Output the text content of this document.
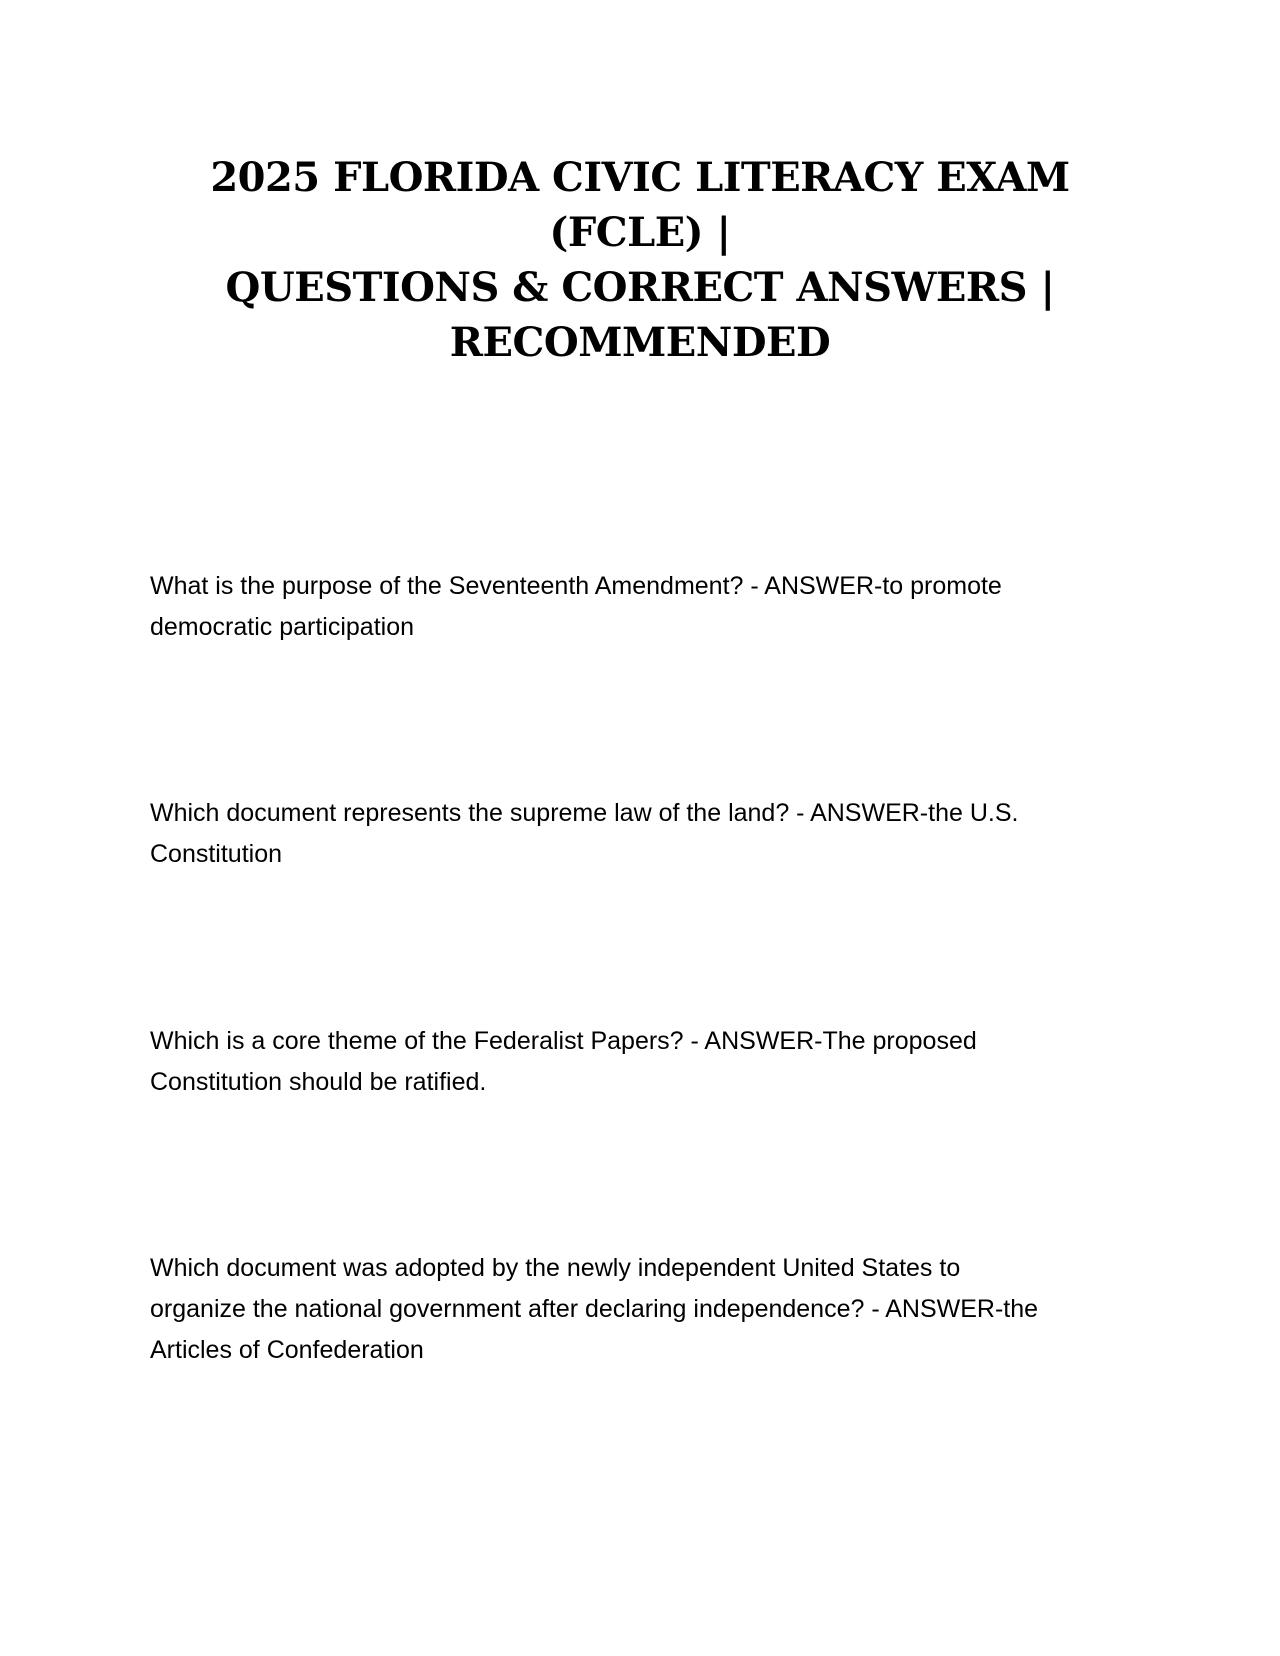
2025 FLORIDA CIVIC LITERACY EXAM (FCLE) |
QUESTIONS & CORRECT ANSWERS |
RECOMMENDED

What is the purpose of the Seventeenth Amendment? - ANSWER-to promote
democratic participation

Which document represents the supreme law of the land? - ANSWER-the U.S.
Constitution

Which is a core theme of the Federalist Papers? - ANSWER-The proposed
Constitution should be ratified.

Which document was adopted by the newly independent United States to
organize the national government after declaring independence? - ANSWER-the
Articles of Confederation
